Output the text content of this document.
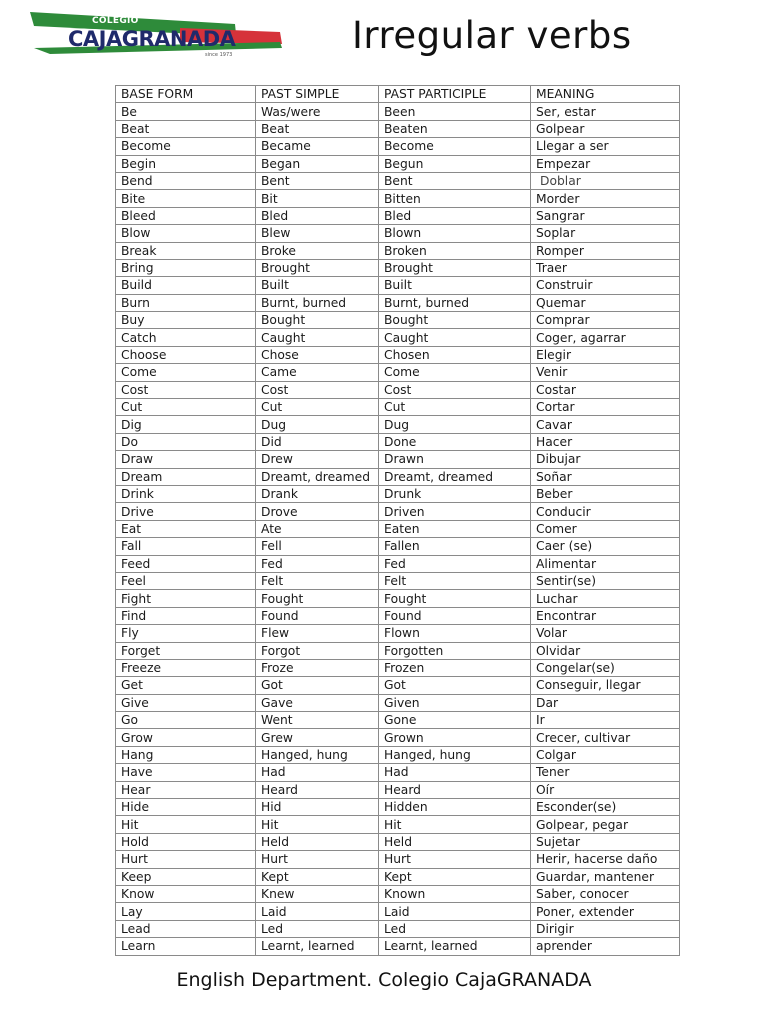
COLEGIO
CAJAGRANADA
since 1973	Irregular verbs
BASE FORM	PAST SIMPLE	PAST PARTICIPLE	MEANING
Be	Was/were	Been	Ser, estar
Beat	Beat	Beaten	Golpear
Become	Became	Become	Llegar a ser
Begin	Began	Begun	Empezar
Bend	Bent	Bent	Doblar
Bite	Bit	Bitten	Morder
Bleed	Bled	Bled	Sangrar
Blow	Blew	Blown	Soplar
Break	Broke	Broken	Romper
Bring	Brought	Brought	Traer
Build	Built	Built	Construir
Burn	Burnt, burned	Burnt, burned	Quemar
Buy	Bought	Bought	Comprar
Catch	Caught	Caught	Coger, agarrar
Choose	Chose	Chosen	Elegir
Come	Came	Come	Venir
Cost	Cost	Cost	Costar
Cut	Cut	Cut	Cortar
Dig	Dug	Dug	Cavar
Do	Did	Done	Hacer
Draw	Drew	Drawn	Dibujar
Dream	Dreamt, dreamed	Dreamt, dreamed	Soñar
Drink	Drank	Drunk	Beber
Drive	Drove	Driven	Conducir
Eat	Ate	Eaten	Comer
Fall	Fell	Fallen	Caer (se)
Feed	Fed	Fed	Alimentar
Feel	Felt	Felt	Sentir(se)
Fight	Fought	Fought	Luchar
Find	Found	Found	Encontrar
Fly	Flew	Flown	Volar
Forget	Forgot	Forgotten	Olvidar
Freeze	Froze	Frozen	Congelar(se)
Get	Got	Got	Conseguir, llegar
Give	Gave	Given	Dar
Go	Went	Gone	Ir
Grow	Grew	Grown	Crecer, cultivar
Hang	Hanged, hung	Hanged, hung	Colgar
Have	Had	Had	Tener
Hear	Heard	Heard	Oír
Hide	Hid	Hidden	Esconder(se)
Hit	Hit	Hit	Golpear, pegar
Hold	Held	Held	Sujetar
Hurt	Hurt	Hurt	Herir, hacerse daño
Keep	Kept	Kept	Guardar, mantener
Know	Knew	Known	Saber, conocer
Lay	Laid	Laid	Poner, extender
Lead	Led	Led	Dirigir
Learn	Learnt, learned	Learnt, learned	aprender
English Department. Colegio CajaGRANADA
